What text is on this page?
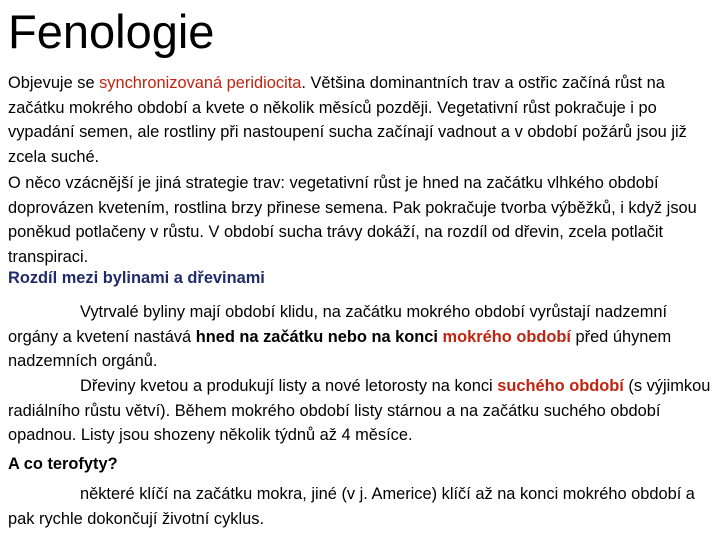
Fenologie

Objevuje se synchronizovaná peridiocita. Většina dominantních trav a ostřic začíná růst na začátku mokrého období a kvete o několik měsíců později. Vegetativní růst pokračuje i po vypadání semen, ale rostliny při nastoupení sucha začínají vadnout a v období požárů jsou již zcela suché.

O něco vzácnější je jiná strategie trav: vegetativní růst je hned na začátku vlhkého období doprovázen kvetením, rostlina brzy přinese semena. Pak pokračuje tvorba výběžků, i když jsou poněkud potlačeny v růstu. V období sucha trávy dokáží, na rozdíl od dřevin, zcela potlačit transpiraci.

Rozdíl mezi bylinami a dřevinami

Vytrvalé byliny mají období klidu, na začátku mokrého období vyrůstají nadzemní orgány a kvetení nastává hned na začátku nebo na konci mokrého období před úhynem nadzemních orgánů.

Dřeviny kvetou a produkují listy a nové letorosty na konci suchého období (s výjimkou radiálního růstu větví). Během mokrého období listy stárnou a na začátku suchého období opadnou. Listy jsou shozeny několik týdnů až 4 měsíce.

A co terofyty?

některé klíčí na začátku mokra, jiné (v j. Americe) klíčí až na konci mokrého období a pak rychle dokončují životní cyklus.
